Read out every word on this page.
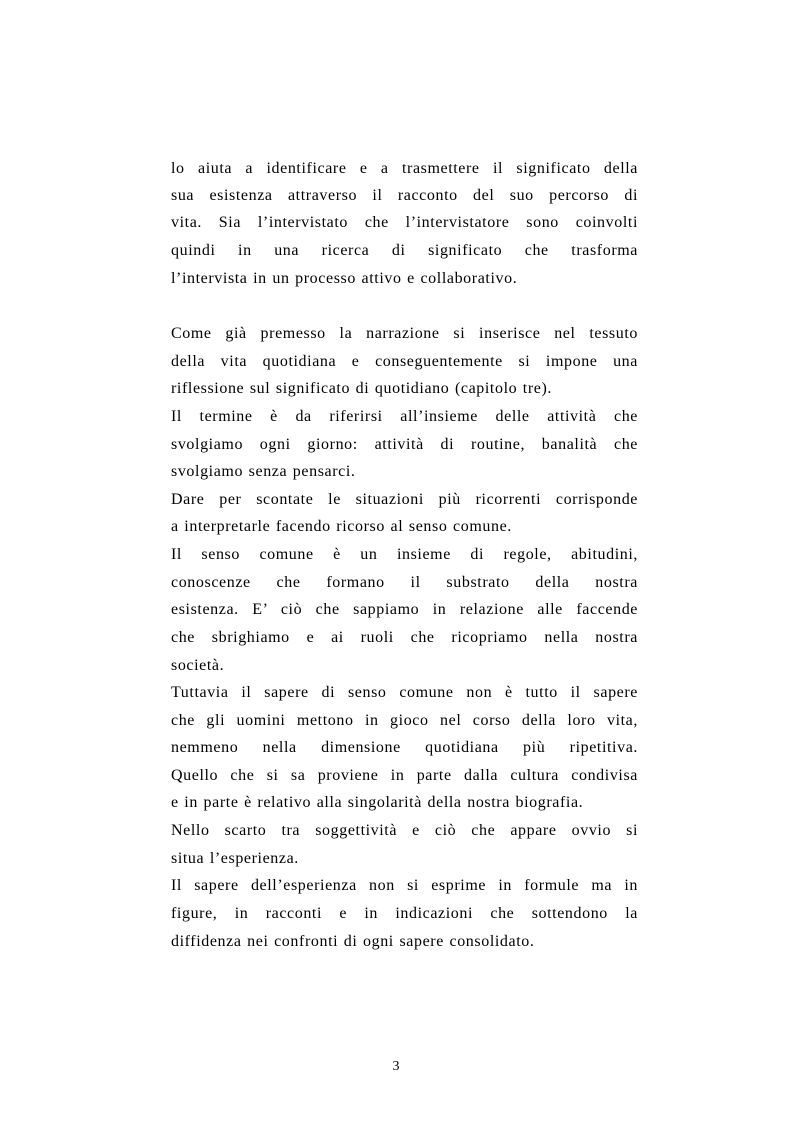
lo aiuta a identificare e a trasmettere il significato della
sua esistenza attraverso il racconto del suo percorso di
vita. Sia l’intervistato che l’intervistatore sono coinvolti
quindi in una ricerca di significato che trasforma
l’intervista in un processo attivo e collaborativo.
Come già premesso la narrazione si inserisce nel tessuto
della vita quotidiana e conseguentemente si impone una
riflessione sul significato di quotidiano (capitolo tre).
Il termine è da riferirsi all’insieme delle attività che
svolgiamo ogni giorno: attività di routine, banalità che
svolgiamo senza pensarci.
Dare per scontate le situazioni più ricorrenti corrisponde
a interpretarle facendo ricorso al senso comune.
Il senso comune è un insieme di regole, abitudini,
conoscenze che formano il substrato della nostra
esistenza. E’ ciò che sappiamo in relazione alle faccende
che sbrighiamo e ai ruoli che ricopriamo nella nostra
società.
Tuttavia il sapere di senso comune non è tutto il sapere
che gli uomini mettono in gioco nel corso della loro vita,
nemmeno nella dimensione quotidiana più ripetitiva.
Quello che si sa proviene in parte dalla cultura condivisa
e in parte è relativo alla singolarità della nostra biografia.
Nello scarto tra soggettività e ciò che appare ovvio si
situa l’esperienza.
Il sapere dell’esperienza non si esprime in formule ma in
figure, in racconti e in indicazioni che sottendono la
diffidenza nei confronti di ogni sapere consolidato.
3
